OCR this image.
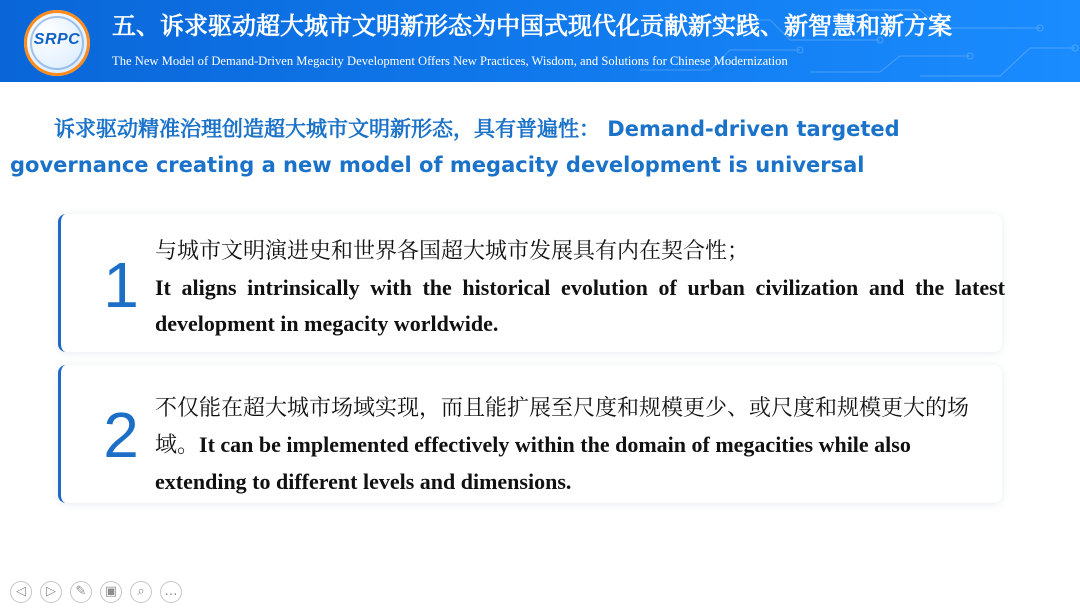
SRPC	五、诉求驱动超大城市文明新形态为中国式现代化贡献新实践、新智慧和新方案
The New Model of Demand-Driven Megacity Development Offers New Practices, Wisdom, and Solutions for Chinese Modernization
诉求驱动精准治理创造超大城市文明新形态，具有普遍性： Demand-driven targeted
governance creating a new model of megacity development is universal
1 与城市文明演进史和世界各国超大城市发展具有内在契合性；
It aligns intrinsically with the historical evolution of urban civilization and the latest development in megacity worldwide.
2 不仅能在超大城市场域实现，而且能扩展至尺度和规模更少、或尺度和规模更大的场域。It can be implemented effectively within the domain of megacities while also extending to different levels and dimensions.
◁	▷	✎	▣	⌕	…
